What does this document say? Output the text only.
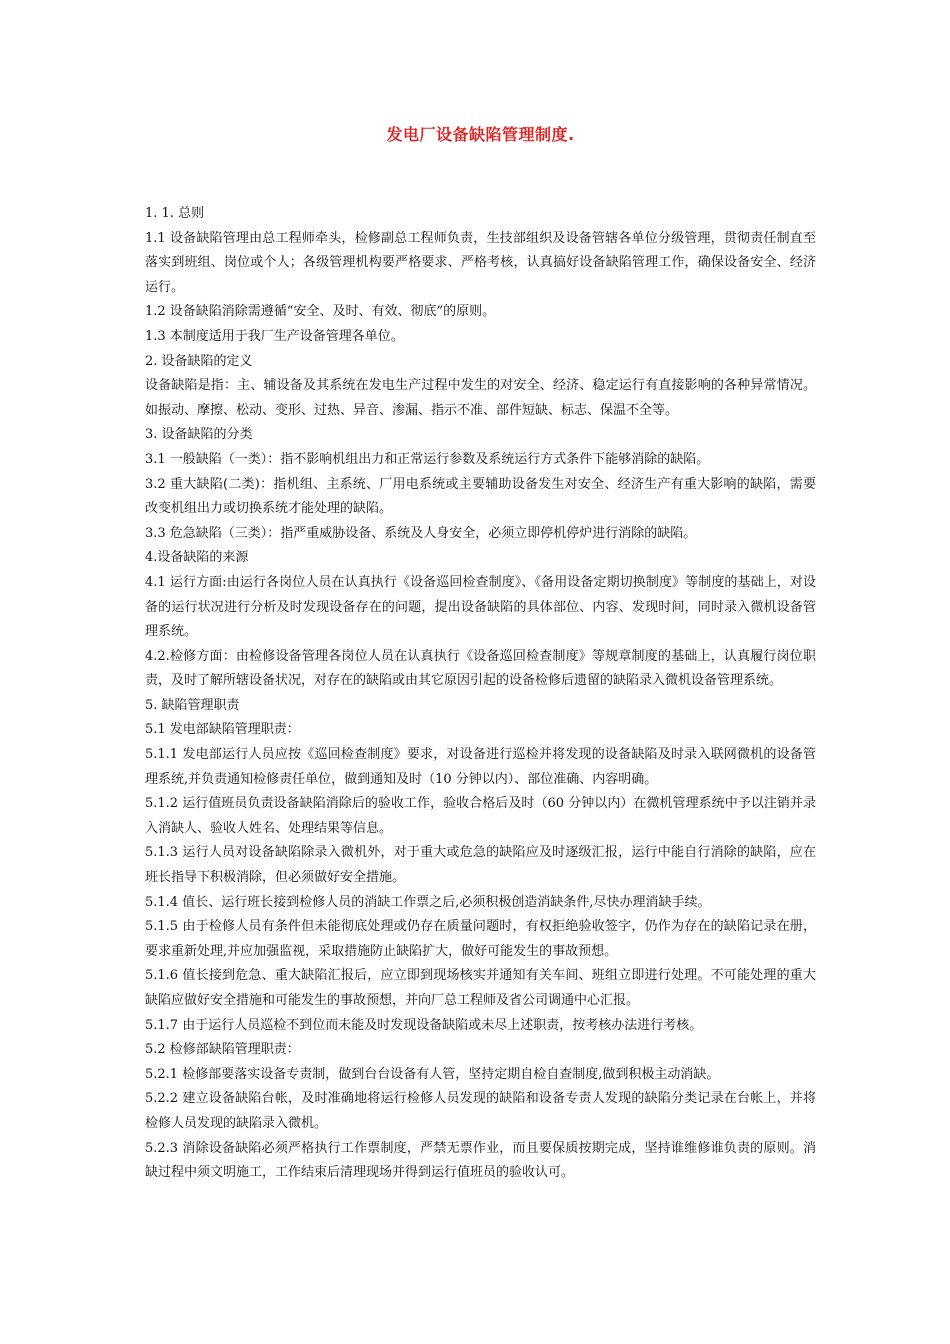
发电厂设备缺陷管理制度.

1. 1. 总则

1.1 设备缺陷管理由总工程师牵头，检修副总工程师负责，生技部组织及设备管辖各单位分级管理，贯彻责任制直至落实到班组、岗位或个人；各级管理机构要严格要求、严格考核，认真搞好设备缺陷管理工作，确保设备安全、经济运行。

1.2 设备缺陷消除需遵循“安全、及时、有效、彻底”的原则。

1.3 本制度适用于我厂生产设备管理各单位。

2. 设备缺陷的定义

设备缺陷是指：主、辅设备及其系统在发电生产过程中发生的对安全、经济、稳定运行有直接影响的各种异常情况。如振动、摩擦、松动、变形、过热、异音、渗漏、指示不准、部件短缺、标志、保温不全等。

3. 设备缺陷的分类

3.1 一般缺陷（一类）：指不影响机组出力和正常运行参数及系统运行方式条件下能够消除的缺陷。

3.2 重大缺陷(二类)：指机组、主系统、厂用电系统或主要辅助设备发生对安全、经济生产有重大影响的缺陷，需要改变机组出力或切换系统才能处理的缺陷。

3.3 危急缺陷（三类）：指严重威胁设备、系统及人身安全，必须立即停机停炉进行消除的缺陷。

4.设备缺陷的来源

4.1 运行方面:由运行各岗位人员在认真执行《设备巡回检查制度》、《备用设备定期切换制度》等制度的基础上，对设备的运行状况进行分析及时发现设备存在的问题，提出设备缺陷的具体部位、内容、发现时间，同时录入微机设备管理系统。

4.2.检修方面：由检修设备管理各岗位人员在认真执行《设备巡回检查制度》等规章制度的基础上，认真履行岗位职责，及时了解所辖设备状况，对存在的缺陷或由其它原因引起的设备检修后遗留的缺陷录入微机设备管理系统。

5. 缺陷管理职责

5.1 发电部缺陷管理职责：

5.1.1 发电部运行人员应按《巡回检查制度》要求，对设备进行巡检并将发现的设备缺陷及时录入联网微机的设备管理系统,并负责通知检修责任单位，做到通知及时（10 分钟以内）、部位准确、内容明确。

5.1.2 运行值班员负责设备缺陷消除后的验收工作，验收合格后及时（60 分钟以内）在微机管理系统中予以注销并录入消缺人、验收人姓名、处理结果等信息。

5.1.3 运行人员对设备缺陷除录入微机外，对于重大或危急的缺陷应及时逐级汇报，运行中能自行消除的缺陷，应在班长指导下积极消除，但必须做好安全措施。

5.1.4 值长、运行班长接到检修人员的消缺工作票之后,必须积极创造消缺条件,尽快办理消缺手续。

5.1.5 由于检修人员有条件但未能彻底处理或仍存在质量问题时，有权拒绝验收签字，仍作为存在的缺陷记录在册，要求重新处理,并应加强监视，采取措施防止缺陷扩大，做好可能发生的事故预想。

5.1.6 值长接到危急、重大缺陷汇报后，应立即到现场核实并通知有关车间、班组立即进行处理。不可能处理的重大缺陷应做好安全措施和可能发生的事故预想，并向厂总工程师及省公司调通中心汇报。

5.1.7 由于运行人员巡检不到位而未能及时发现设备缺陷或未尽上述职责，按考核办法进行考核。

5.2 检修部缺陷管理职责：

5.2.1 检修部要落实设备专责制，做到台台设备有人管，坚持定期自检自查制度,做到积极主动消缺。

5.2.2 建立设备缺陷台帐，及时准确地将运行检修人员发现的缺陷和设备专责人发现的缺陷分类记录在台帐上，并将检修人员发现的缺陷录入微机。

5.2.3 消除设备缺陷必须严格执行工作票制度，严禁无票作业，而且要保质按期完成，坚持谁维修谁负责的原则。消缺过程中须文明施工，工作结束后清理现场并得到运行值班员的验收认可。
